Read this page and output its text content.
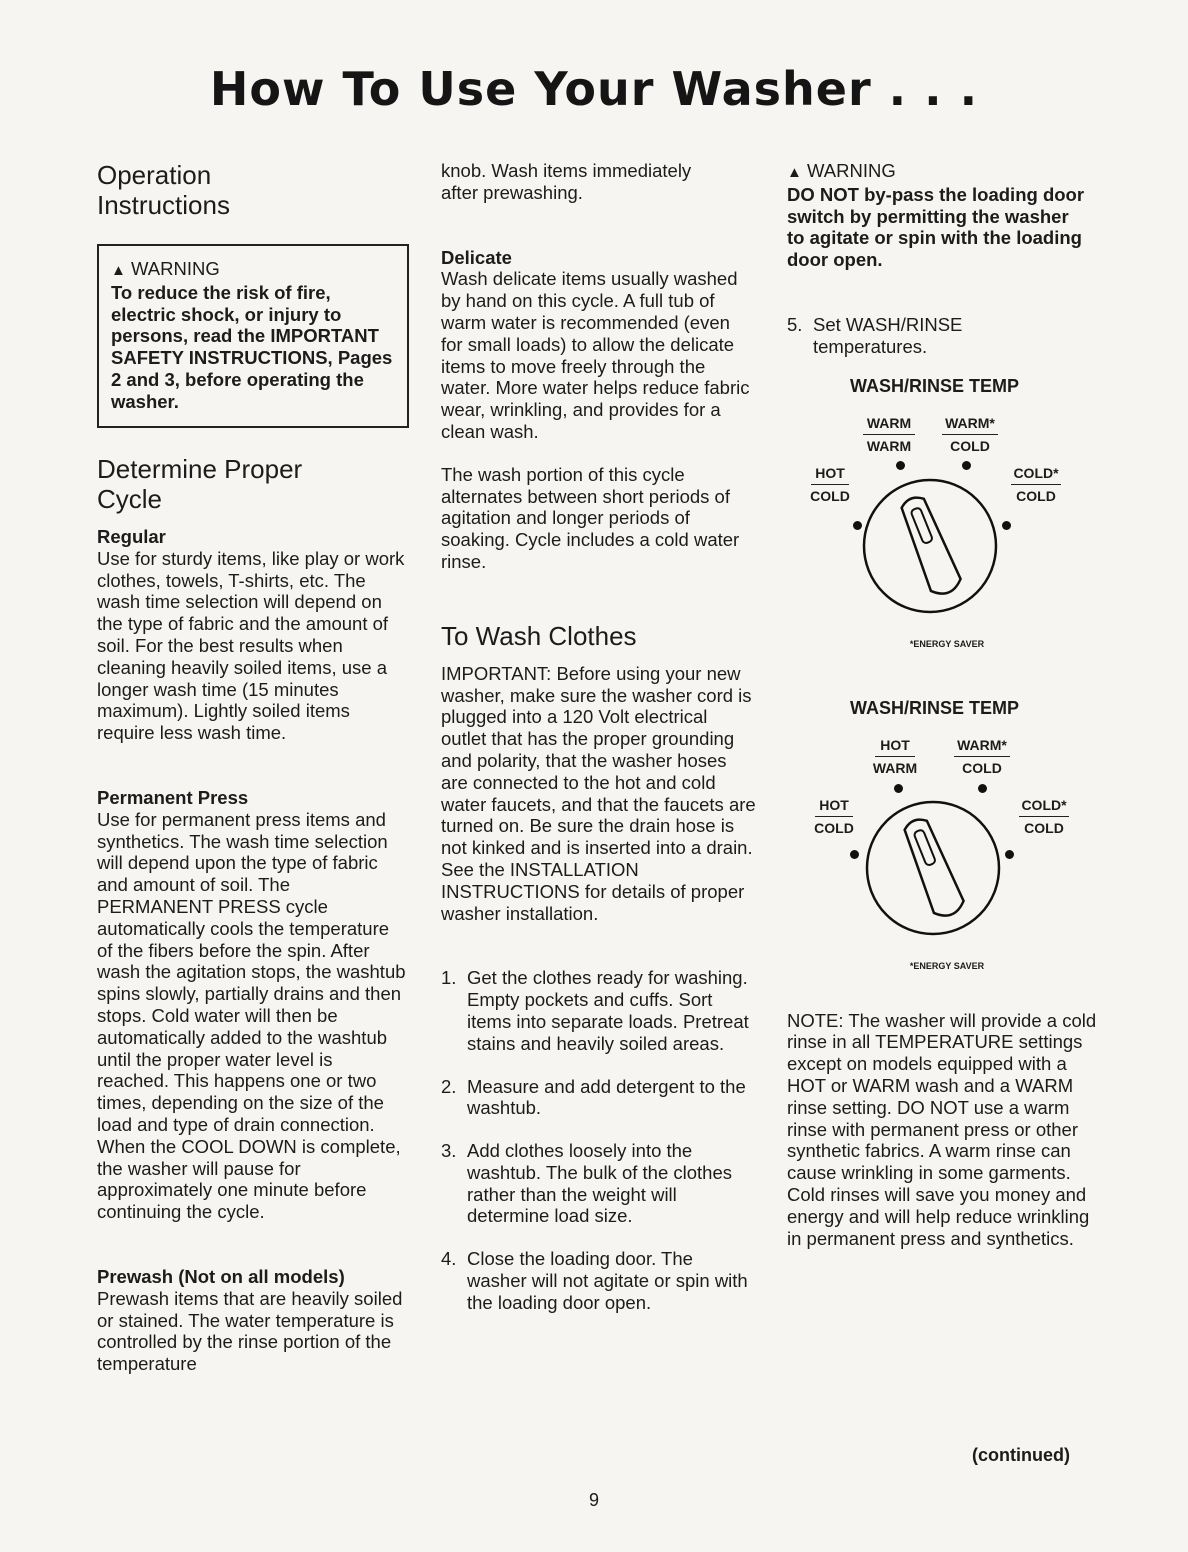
How To Use Your Washer . . .
Operation Instructions
▲ WARNING
To reduce the risk of fire, electric shock, or injury to persons, read the IMPORTANT SAFETY INSTRUCTIONS, Pages 2 and 3, before operating the washer.
Determine Proper Cycle
Regular

Use for sturdy items, like play or work clothes, towels, T-shirts, etc. The wash time selection will depend on the type of fabric and the amount of soil. For the best results when cleaning heavily soiled items, use a longer wash time (15 minutes maximum). Lightly soiled items require less wash time.

Permanent Press

Use for permanent press items and synthetics. The wash time selection will depend upon the type of fabric and amount of soil. The PERMANENT PRESS cycle automatically cools the temperature of the fibers before the spin. After wash the agitation stops, the washtub spins slowly, partially drains and then stops. Cold water will then be automatically added to the washtub until the proper water level is reached. This happens one or two times, depending on the size of the load and type of drain connection. When the COOL DOWN is complete, the washer will pause for approximately one minute before continuing the cycle.

Prewash (Not on all models)

Prewash items that are heavily soiled or stained. The water temperature is controlled by the rinse portion of the temperature

knob. Wash items immediately after prewashing.

Delicate

Wash delicate items usually washed by hand on this cycle. A full tub of warm water is recommended (even for small loads) to allow the delicate items to move freely through the water. More water helps reduce fabric wear, wrinkling, and provides for a clean wash.

The wash portion of this cycle alternates between short periods of agitation and longer periods of soaking. Cycle includes a cold water rinse.

To Wash Clothes

IMPORTANT: Before using your new washer, make sure the washer cord is plugged into a 120 Volt electrical outlet that has the proper grounding and polarity, that the washer hoses are connected to the hot and cold water faucets, and that the faucets are turned on. Be sure the drain hose is not kinked and is inserted into a drain. See the INSTALLATION INSTRUCTIONS for details of proper washer installation.

1. Get the clothes ready for washing. Empty pockets and cuffs. Sort items into separate loads. Pretreat stains and heavily soiled areas.
2. Measure and add detergent to the washtub.
3. Add clothes loosely into the washtub. The bulk of the clothes rather than the weight will determine load size.
4. Close the loading door. The washer will not agitate or spin with the loading door open.
▲ WARNING
DO NOT by-pass the loading door switch by permitting the washer to agitate or spin with the loading door open.
5. Set WASH/RINSE temperatures.
WASH/RINSE TEMP
WARM
WARM
WARM*
COLD
HOT
COLD
COLD*
COLD
*ENERGY SAVER
WASH/RINSE TEMP
HOT
WARM
WARM*
COLD
HOT
COLD
COLD*
COLD
*ENERGY SAVER

NOTE: The washer will provide a cold rinse in all TEMPERATURE settings except on models equipped with a HOT or WARM wash and a WARM rinse setting. DO NOT use a warm rinse with permanent press or other synthetic fabrics. A warm rinse can cause wrinkling in some garments. Cold rinses will save you money and energy and will help reduce wrinkling in permanent press and synthetics.

(continued)
9
